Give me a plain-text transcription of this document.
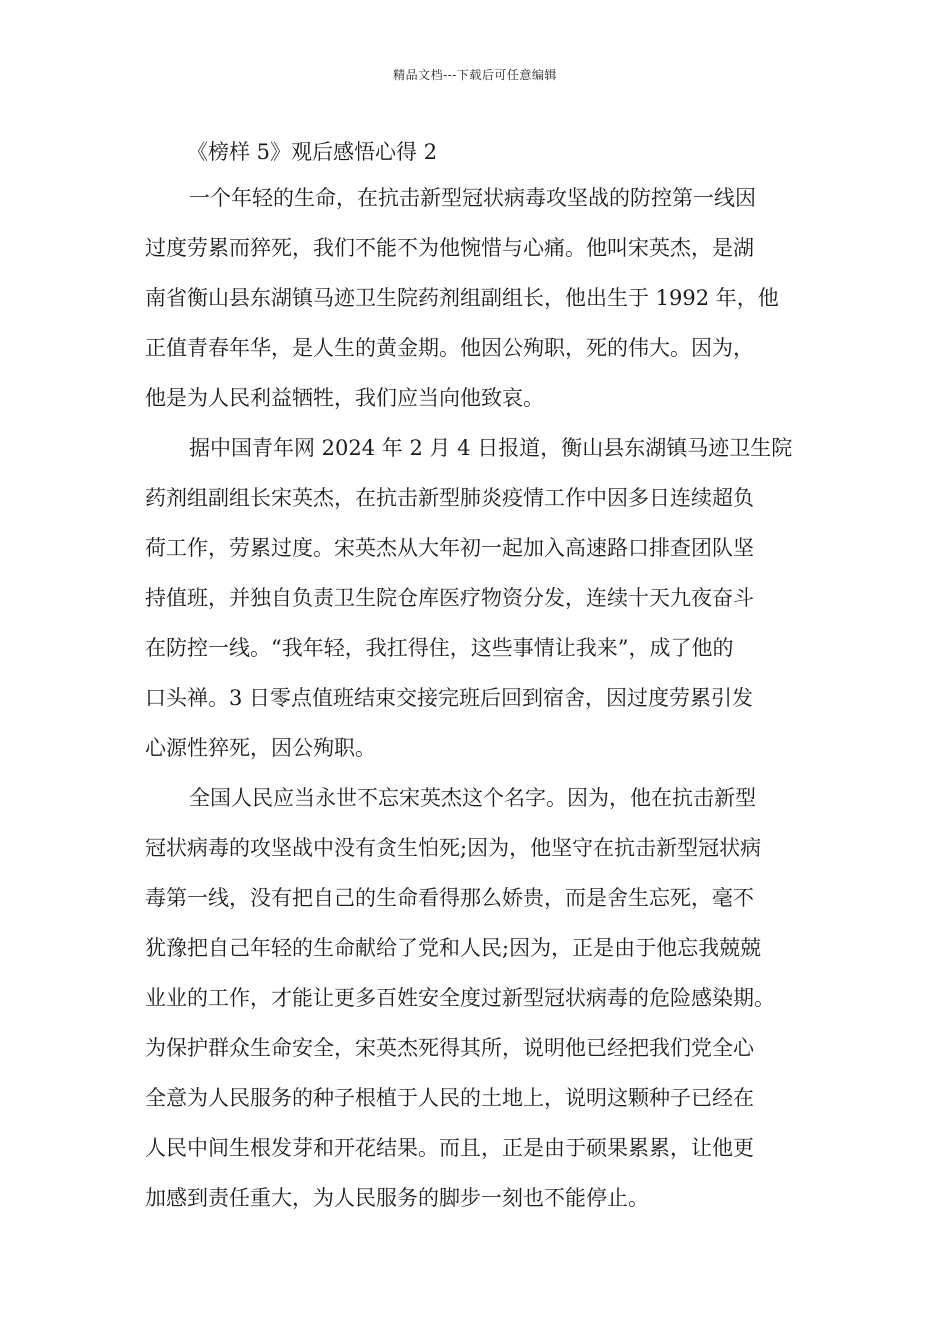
精品文档---下载后可任意编辑
《榜样 5》观后感悟心得 2
一个年轻的生命，在抗击新型冠状病毒攻坚战的防控第一线因
过度劳累而猝死，我们不能不为他惋惜与心痛。他叫宋英杰，是湖
南省衡山县东湖镇马迹卫生院药剂组副组长，他出生于 1992 年，他
正值青春年华，是人生的黄金期。他因公殉职，死的伟大。因为，
他是为人民利益牺牲，我们应当向他致哀。
据中国青年网 2024 年 2 月 4 日报道，衡山县东湖镇马迹卫生院
药剂组副组长宋英杰，在抗击新型肺炎疫情工作中因多日连续超负
荷工作，劳累过度。宋英杰从大年初一起加入高速路口排查团队坚
持值班，并独自负责卫生院仓库医疗物资分发，连续十天九夜奋斗
在防控一线。“我年轻，我扛得住，这些事情让我来”，成了他的
口头禅。3 日零点值班结束交接完班后回到宿舍，因过度劳累引发
心源性猝死，因公殉职。
全国人民应当永世不忘宋英杰这个名字。因为，他在抗击新型
冠状病毒的攻坚战中没有贪生怕死;因为，他坚守在抗击新型冠状病
毒第一线，没有把自己的生命看得那么娇贵，而是舍生忘死，毫不
犹豫把自己年轻的生命献给了党和人民;因为，正是由于他忘我兢兢
业业的工作，才能让更多百姓安全度过新型冠状病毒的危险感染期。
为保护群众生命安全，宋英杰死得其所，说明他已经把我们党全心
全意为人民服务的种子根植于人民的土地上，说明这颗种子已经在
人民中间生根发芽和开花结果。而且，正是由于硕果累累，让他更
加感到责任重大，为人民服务的脚步一刻也不能停止。
